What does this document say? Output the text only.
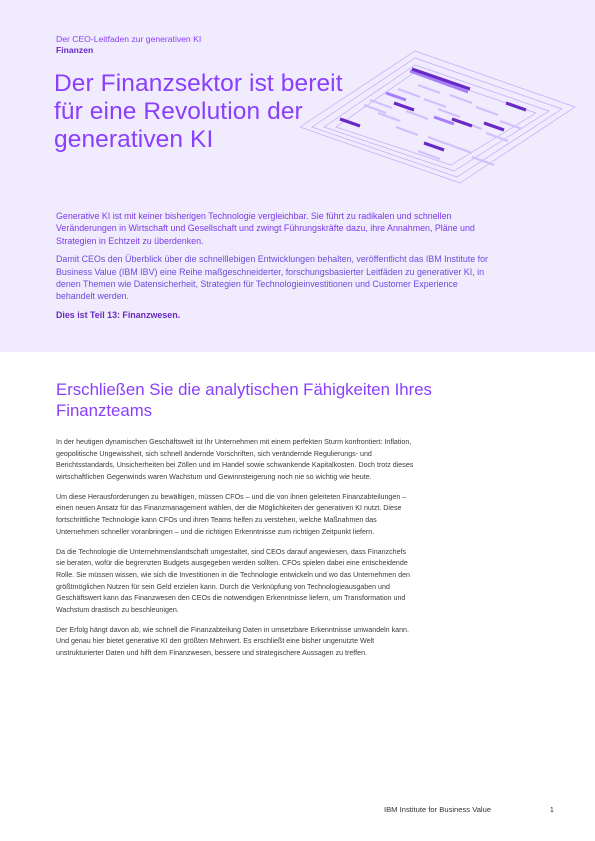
Der CEO-Leitfaden zur generativen KI
Finanzen
Der Finanzsektor ist bereit für eine Revolution der generativen KI

Generative KI ist mit keiner bisherigen Technologie vergleichbar. Sie führt zu radikalen und schnellen Veränderungen in Wirtschaft und Gesellschaft und zwingt Führungskräfte dazu, ihre Annahmen, Pläne und Strategien in Echtzeit zu überdenken.

Damit CEOs den Überblick über die schnelllebigen Entwicklungen behalten, veröffentlicht das IBM Institute for Business Value (IBM IBV) eine Reihe maßgeschneiderter, forschungsbasierter Leitfäden zu generativer KI, in denen Themen wie Datensicherheit, Strategien für Technologieinvestitionen und Customer Experience behandelt werden.

Dies ist Teil 13: Finanzwesen.

Erschließen Sie die analytischen Fähigkeiten Ihres Finanzteams

In der heutigen dynamischen Geschäftswelt ist Ihr Unternehmen mit einem perfekten Sturm konfrontiert: Inflation, geopolitische Ungewissheit, sich schnell ändernde Vorschriften, sich verändernde Regulierungs- und Berichtsstandards, Unsicherheiten bei Zöllen und im Handel sowie schwankende Kapitalkosten. Doch trotz dieses wirtschaftlichen Gegenwinds waren Wachstum und Gewinnsteigerung noch nie so wichtig wie heute.

Um diese Herausforderungen zu bewältigen, müssen CFOs – und die von ihnen geleiteten Finanzabteilungen – einen neuen Ansatz für das Finanzmanagement wählen, der die Möglichkeiten der generativen KI nutzt. Diese fortschrittliche Technologie kann CFOs und ihren Teams helfen zu verstehen, welche Maßnahmen das Unternehmen schneller voranbringen – und die richtigen Erkenntnisse zum richtigen Zeitpunkt liefern.

Da die Technologie die Unternehmenslandschaft umgestaltet, sind CEOs darauf angewiesen, dass Finanzchefs sie beraten, wofür die begrenzten Budgets ausgegeben werden sollten. CFOs spielen dabei eine entscheidende Rolle. Sie müssen wissen, wie sich die Investitionen in die Technologie entwickeln und wo das Unternehmen den größtmöglichen Nutzen für sein Geld erzielen kann. Durch die Verknüpfung von Technologieausgaben und Geschäftswert kann das Finanzwesen den CEOs die notwendigen Erkenntnisse liefern, um Transformation und Wachstum drastisch zu beschleunigen.

Der Erfolg hängt davon ab, wie schnell die Finanzabteilung Daten in umsetzbare Erkenntnisse umwandeln kann. Und genau hier bietet generative KI den größten Mehrwert. Es erschließt eine bisher ungenutzte Welt unstrukturierter Daten und hilft dem Finanzwesen, bessere und strategischere Aussagen zu treffen.

IBM Institute for Business Value	1
